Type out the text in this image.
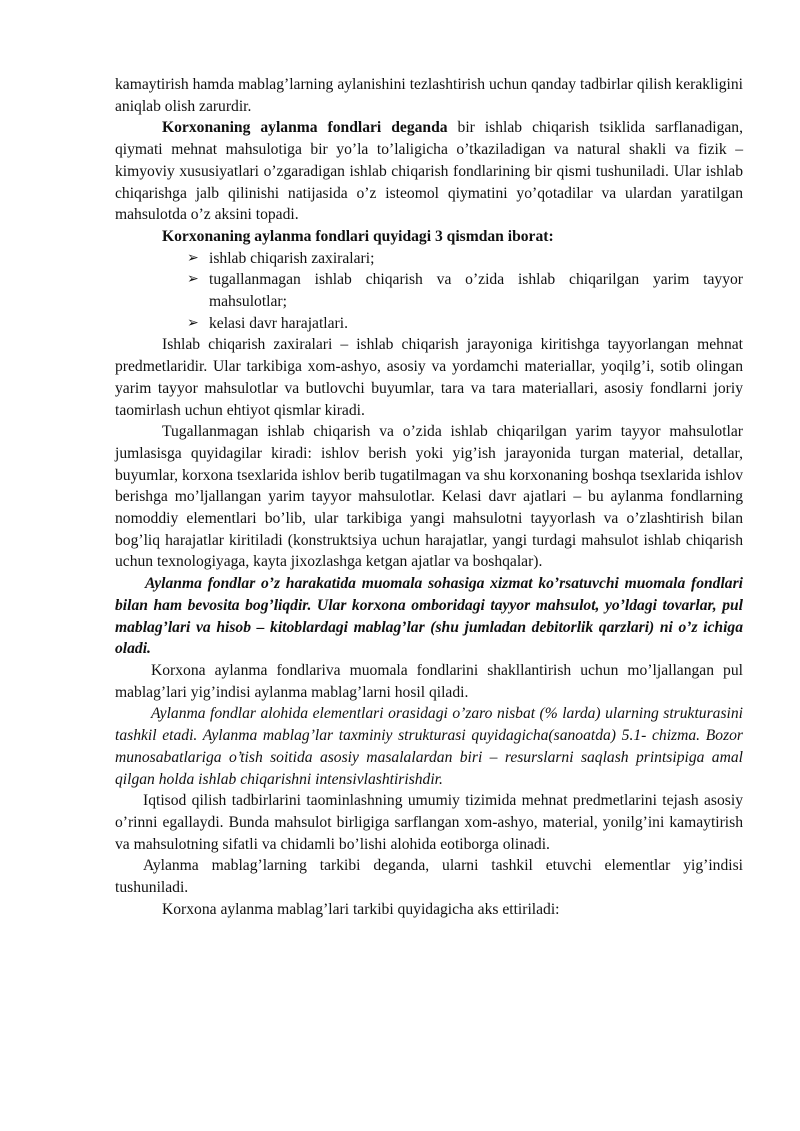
kamaytirish hamda mablag’larning aylanishini tezlashtirish uchun qanday tadbirlar qilish kerakligini aniqlab olish zarurdir.

Korxonaning aylanma fondlari deganda bir ishlab chiqarish tsiklida sarflanadigan, qiymati mehnat mahsulotiga bir yo’la to’laligicha o’tkaziladigan va natural shakli va fizik – kimyoviy xususiyatlari o’zgaradigan ishlab chiqarish fondlarining bir qismi tushuniladi. Ular ishlab chiqarishga jalb qilinishi natijasida o’z isteomol qiymatini yo’qotadilar va ulardan yaratilgan mahsulotda o’z aksini topadi.

Korxonaning aylanma fondlari quyidagi 3 qismdan iborat:

➢ ishlab chiqarish zaxiralari;
➢ tugallanmagan ishlab chiqarish va o’zida ishlab chiqarilgan yarim tayyor mahsulotlar;
➢ kelasi davr harajatlari.

Ishlab chiqarish zaxiralari – ishlab chiqarish jarayoniga kiritishga tayyorlangan mehnat predmetlaridir. Ular tarkibiga xom-ashyo, asosiy va yordamchi materiallar, yoqilg’i, sotib olingan yarim tayyor mahsulotlar va butlovchi buyumlar, tara va tara materiallari, asosiy fondlarni joriy taomirlash uchun ehtiyot qismlar kiradi.

Tugallanmagan ishlab chiqarish va o’zida ishlab chiqarilgan yarim tayyor mahsulotlar jumlasisga quyidagilar kiradi: ishlov berish yoki yig’ish jarayonida turgan material, detallar, buyumlar, korxona tsexlarida ishlov berib tugatilmagan va shu korxonaning boshqa tsexlarida ishlov berishga mo’ljallangan yarim tayyor mahsulotlar. Kelasi davr ajatlari – bu aylanma fondlarning nomoddiy elementlari bo’lib, ular tarkibiga yangi mahsulotni tayyorlash va o’zlashtirish bilan bog’liq harajatlar kiritiladi (konstruktsiya uchun harajatlar, yangi turdagi mahsulot ishlab chiqarish uchun texnologiyaga, kayta jixozlashga ketgan ajatlar va boshqalar).

Aylanma fondlar o’z harakatida muomala sohasiga xizmat ko’rsatuvchi muomala fondlari bilan ham bevosita bog’liqdir. Ular korxona omboridagi tayyor mahsulot, yo’ldagi tovarlar, pul mablag’lari va hisob – kitoblardagi mablag’lar (shu jumladan debitorlik qarzlari) ni o’z ichiga oladi.

Korxona aylanma fondlariva muomala fondlarini shakllantirish uchun mo’ljallangan pul mablag’lari yig’indisi aylanma mablag’larni hosil qiladi.

Aylanma fondlar alohida elementlari orasidagi o’zaro nisbat (% larda) ularning strukturasini tashkil etadi. Aylanma mablag’lar taxminiy strukturasi quyidagicha(sanoatda) 5.1- chizma. Bozor munosabatlariga o’tish soitida asosiy masalalardan biri – resurslarni saqlash printsipiga amal qilgan holda ishlab chiqarishni intensivlashtirishdir.

Iqtisod qilish tadbirlarini taominlashning umumiy tizimida mehnat predmetlarini tejash asosiy o’rinni egallaydi. Bunda mahsulot birligiga sarflangan xom-ashyo, material, yonilg’ini kamaytirish va mahsulotning sifatli va chidamli bo’lishi alohida eotiborga olinadi.

Aylanma mablag’larning tarkibi deganda, ularni tashkil etuvchi elementlar yig’indisi tushuniladi.

Korxona aylanma mablag’lari tarkibi quyidagicha aks ettiriladi:
